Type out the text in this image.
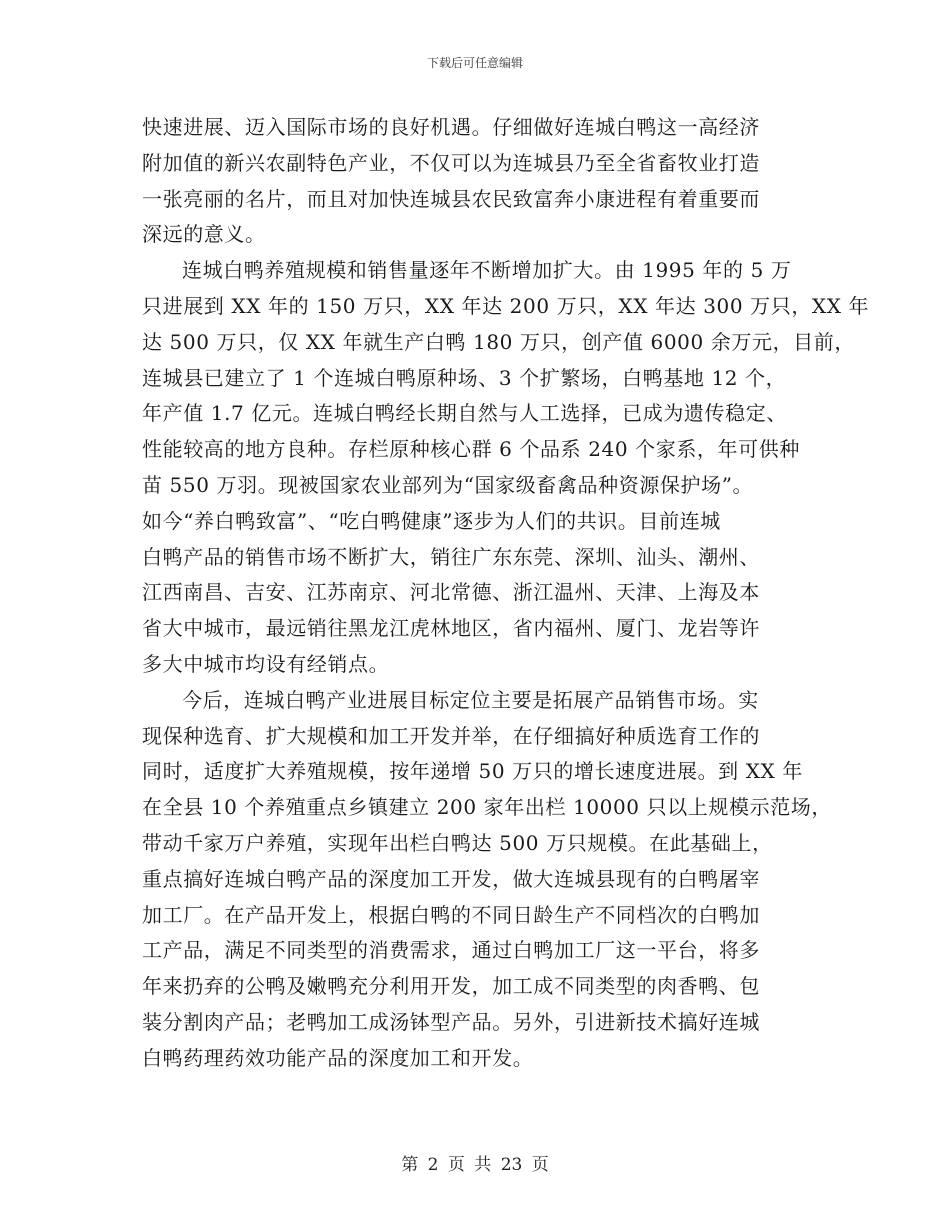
下载后可任意编辑
快速进展、迈入国际市场的良好机遇。仔细做好连城白鸭这一高经济
附加值的新兴农副特色产业，不仅可以为连城县乃至全省畜牧业打造
一张亮丽的名片，而且对加快连城县农民致富奔小康进程有着重要而
深远的意义。
连城白鸭养殖规模和销售量逐年不断增加扩大。由 1995 年的 5 万
只进展到 XX 年的 150 万只，XX 年达 200 万只，XX 年达 300 万只，XX 年
达 500 万只，仅 XX 年就生产白鸭 180 万只，创产值 6000 余万元，目前，
连城县已建立了 1 个连城白鸭原种场、3 个扩繁场，白鸭基地 12 个，
年产值 1.7 亿元。连城白鸭经长期自然与人工选择，已成为遗传稳定、
性能较高的地方良种。存栏原种核心群 6 个品系 240 个家系，年可供种
苗 550 万羽。现被国家农业部列为“国家级畜禽品种资源保护场”。
如今“养白鸭致富”、“吃白鸭健康”逐步为人们的共识。目前连城
白鸭产品的销售市场不断扩大，销往广东东莞、深圳、汕头、潮州、
江西南昌、吉安、江苏南京、河北常德、浙江温州、天津、上海及本
省大中城市，最远销往黑龙江虎林地区，省内福州、厦门、龙岩等许
多大中城市均设有经销点。
今后，连城白鸭产业进展目标定位主要是拓展产品销售市场。实
现保种选育、扩大规模和加工开发并举，在仔细搞好种质选育工作的
同时，适度扩大养殖规模，按年递增 50 万只的增长速度进展。到 XX 年
在全县 10 个养殖重点乡镇建立 200 家年出栏 10000 只以上规模示范场，
带动千家万户养殖，实现年出栏白鸭达 500 万只规模。在此基础上，
重点搞好连城白鸭产品的深度加工开发，做大连城县现有的白鸭屠宰
加工厂。在产品开发上，根据白鸭的不同日龄生产不同档次的白鸭加
工产品，满足不同类型的消费需求，通过白鸭加工厂这一平台，将多
年来扔弃的公鸭及嫩鸭充分利用开发，加工成不同类型的肉香鸭、包
装分割肉产品；老鸭加工成汤钵型产品。另外，引进新技术搞好连城
白鸭药理药效功能产品的深度加工和开发。
第 2 页 共 23 页
